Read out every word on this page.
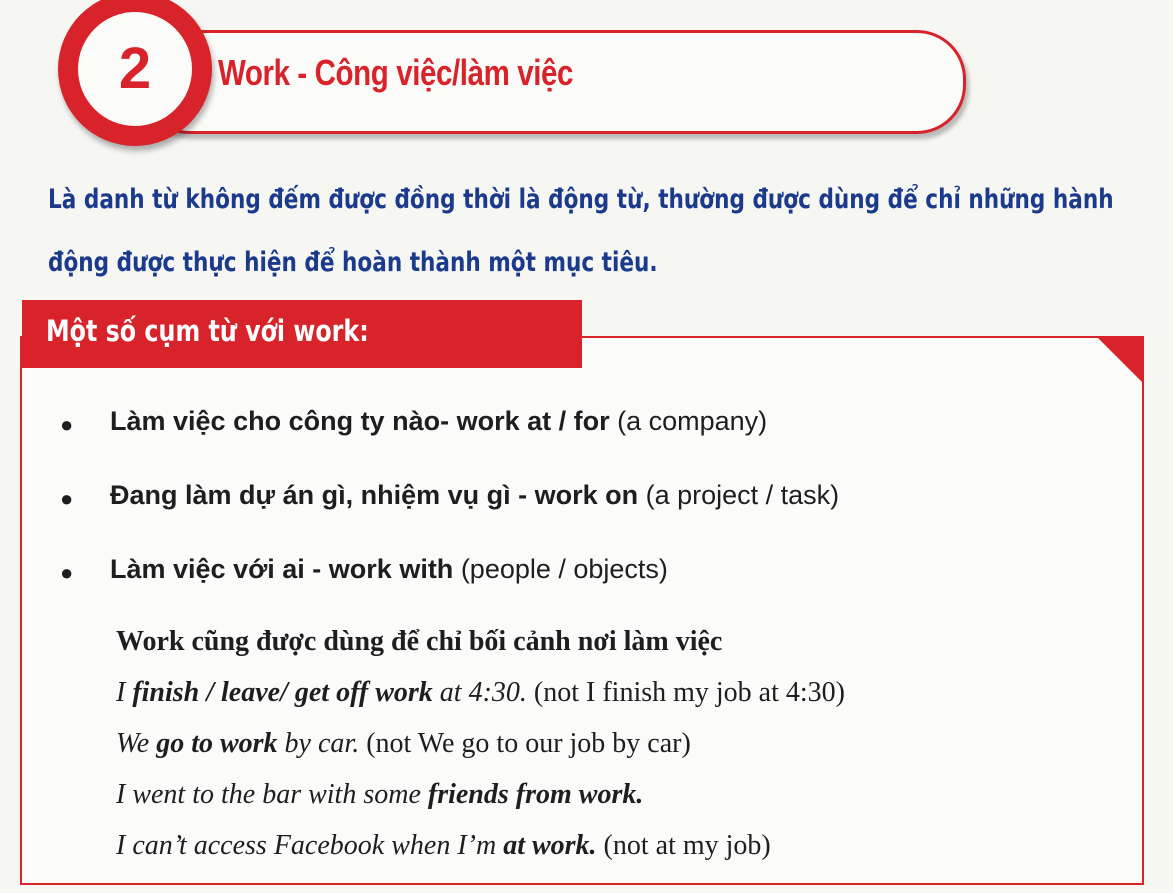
Work - Công việc/làm việc
2
Là danh từ không đếm được đồng thời là động từ, thường được dùng để chỉ những hành
động được thực hiện để hoàn thành một mục tiêu.
Một số cụm từ với work:
● Làm việc cho công ty nào- work at / for (a company)
● Đang làm dự án gì, nhiệm vụ gì - work on (a project / task)
● Làm việc với ai - work with (people / objects)
Work cũng được dùng để chỉ bối cảnh nơi làm việc
I finish / leave/ get off work at 4:30. (not I finish my job at 4:30)
We go to work by car. (not We go to our job by car)
I went to the bar with some friends from work.
I can’t access Facebook when I’m at work. (not at my job)
